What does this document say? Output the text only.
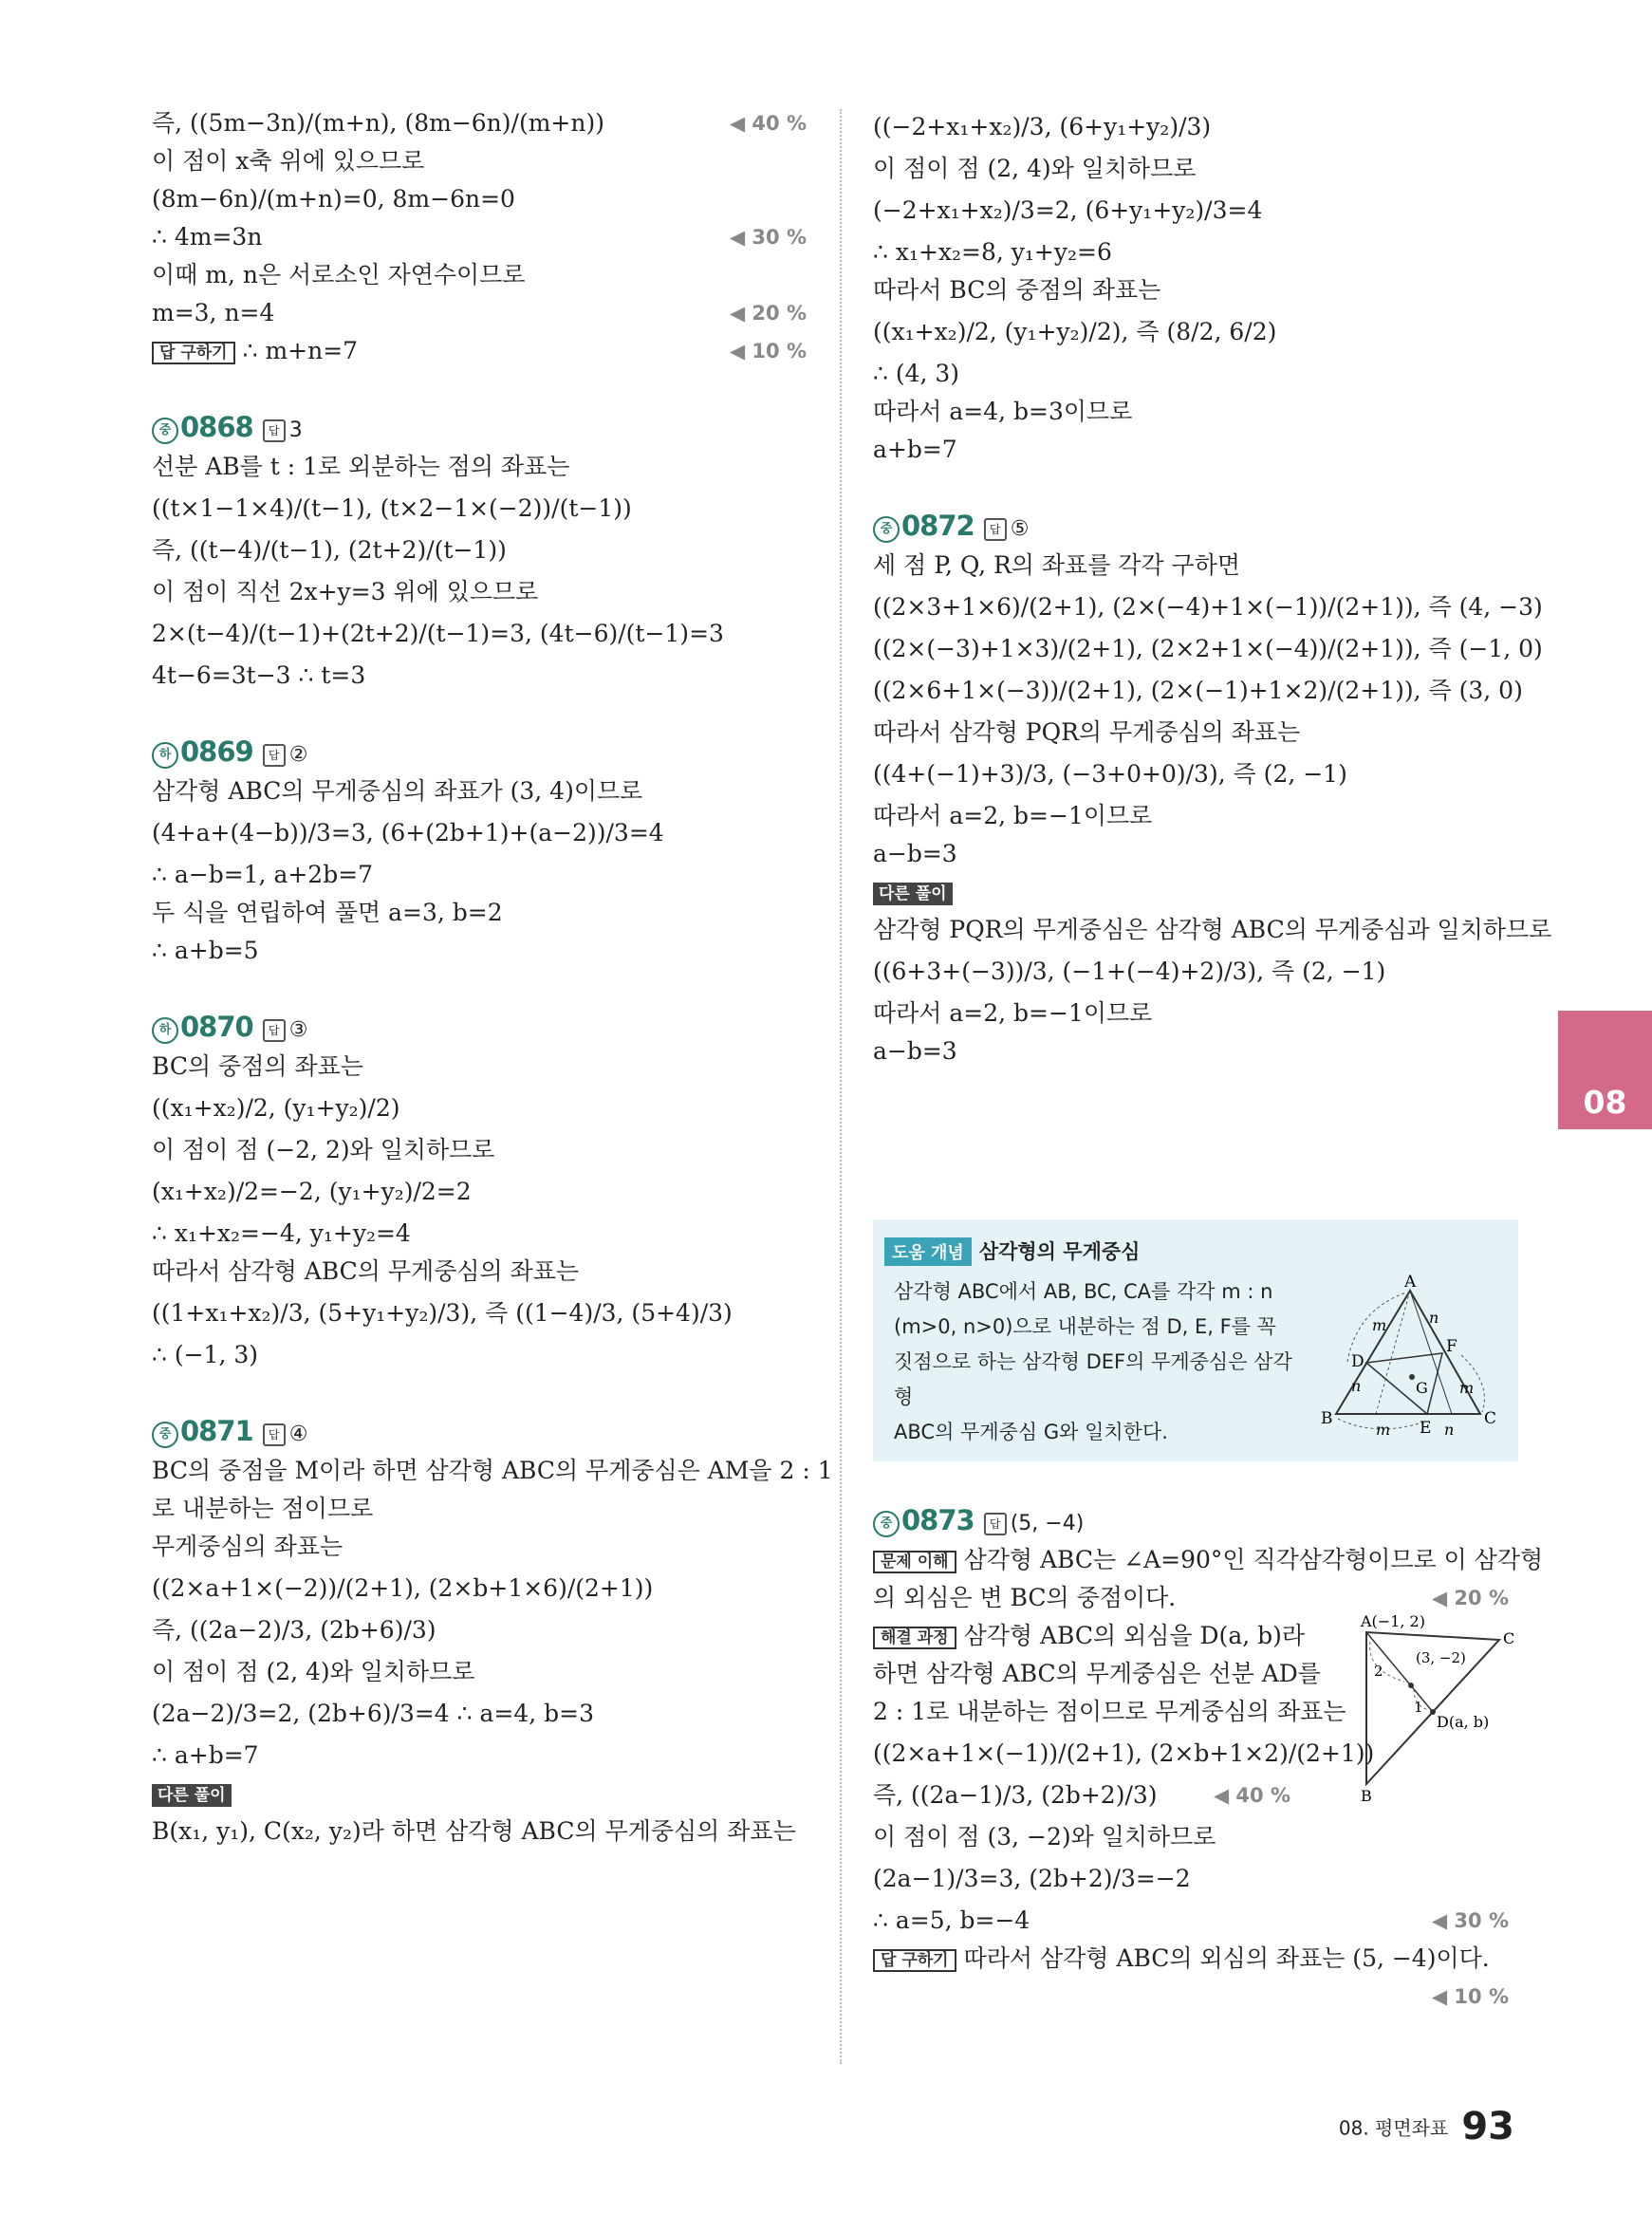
즉, ((5m−3n)/(m+n), (8m−6n)/(m+n))	◀ 40 %
이 점이 x축 위에 있으므로
(8m−6n)/(m+n)=0, 8m−6n=0
∴ 4m=3n	◀ 30 %
이때 m, n은 서로소인 자연수이므로
m=3, n=4	◀ 20 %
답 구하기 ∴ m+n=7	◀ 10 %
중 0868 답 3
선분 AB를 t : 1로 외분하는 점의 좌표는
((t×1−1×4)/(t−1), (t×2−1×(−2))/(t−1))
즉, ((t−4)/(t−1), (2t+2)/(t−1))
이 점이 직선 2x+y=3 위에 있으므로
2×(t−4)/(t−1)+(2t+2)/(t−1)=3, (4t−6)/(t−1)=3
4t−6=3t−3 ∴ t=3
하 0869 답 ②
삼각형 ABC의 무게중심의 좌표가 (3, 4)이므로
(4+a+(4−b))/3=3, (6+(2b+1)+(a−2))/3=4
∴ a−b=1, a+2b=7
두 식을 연립하여 풀면 a=3, b=2
∴ a+b=5
하 0870 답 ③
BC의 중점의 좌표는
((x₁+x₂)/2, (y₁+y₂)/2)
이 점이 점 (−2, 2)와 일치하므로
(x₁+x₂)/2=−2, (y₁+y₂)/2=2
∴ x₁+x₂=−4, y₁+y₂=4
따라서 삼각형 ABC의 무게중심의 좌표는
((1+x₁+x₂)/3, (5+y₁+y₂)/3), 즉 ((1−4)/3, (5+4)/3)
∴ (−1, 3)
중 0871 답 ④
BC의 중점을 M이라 하면 삼각형 ABC의 무게중심은 AM을 2 : 1
로 내분하는 점이므로
무게중심의 좌표는
((2×a+1×(−2))/(2+1), (2×b+1×6)/(2+1))
즉, ((2a−2)/3, (2b+6)/3)
이 점이 점 (2, 4)와 일치하므로
(2a−2)/3=2, (2b+6)/3=4 ∴ a=4, b=3
∴ a+b=7
다른 풀이
B(x₁, y₁), C(x₂, y₂)라 하면 삼각형 ABC의 무게중심의 좌표는
((−2+x₁+x₂)/3, (6+y₁+y₂)/3)
이 점이 점 (2, 4)와 일치하므로
(−2+x₁+x₂)/3=2, (6+y₁+y₂)/3=4
∴ x₁+x₂=8, y₁+y₂=6
따라서 BC의 중점의 좌표는
((x₁+x₂)/2, (y₁+y₂)/2), 즉 (8/2, 6/2)
∴ (4, 3)
따라서 a=4, b=3이므로
a+b=7
중 0872 답 ⑤
세 점 P, Q, R의 좌표를 각각 구하면
((2×3+1×6)/(2+1), (2×(−4)+1×(−1))/(2+1)), 즉 (4, −3)
((2×(−3)+1×3)/(2+1), (2×2+1×(−4))/(2+1)), 즉 (−1, 0)
((2×6+1×(−3))/(2+1), (2×(−1)+1×2)/(2+1)), 즉 (3, 0)
따라서 삼각형 PQR의 무게중심의 좌표는
((4+(−1)+3)/3, (−3+0+0)/3), 즉 (2, −1)
따라서 a=2, b=−1이므로
a−b=3
다른 풀이
삼각형 PQR의 무게중심은 삼각형 ABC의 무게중심과 일치하므로
((6+3+(−3))/3, (−1+(−4)+2)/3), 즉 (2, −1)
따라서 a=2, b=−1이므로
a−b=3
도움 개념 삼각형의 무게중심
삼각형 ABC에서 AB, BC, CA를 각각 m : n
(m>0, n>0)으로 내분하는 점 D, E, F를 꼭
짓점으로 하는 삼각형 DEF의 무게중심은 삼각형
ABC의 무게중심 G와 일치한다.
A
B	C
D
E
F
G
m
n
m	n
m
n
중 0873 답 (5, −4)
문제 이해 삼각형 ABC는 ∠A=90°인 직각삼각형이므로 이 삼각형
의 외심은 변 BC의 중점이다.	◀ 20 %
해결 과정 삼각형 ABC의 외심을 D(a, b)라
하면 삼각형 ABC의 무게중심은 선분 AD를
2 : 1로 내분하는 점이므로 무게중심의 좌표는
((2×a+1×(−1))/(2+1), (2×b+1×2)/(2+1))
즉, ((2a−1)/3, (2b+2)/3)	◀ 40 %
이 점이 점 (3, −2)와 일치하므로
(2a−1)/3=3, (2b+2)/3=−2
∴ a=5, b=−4	◀ 30 %
답 구하기 따라서 삼각형 ABC의 외심의 좌표는 (5, −4)이다.
◀ 10 %
A(−1, 2)
C
B
D(a, b)
(3, −2)
2
1
08
08. 평면좌표 93
